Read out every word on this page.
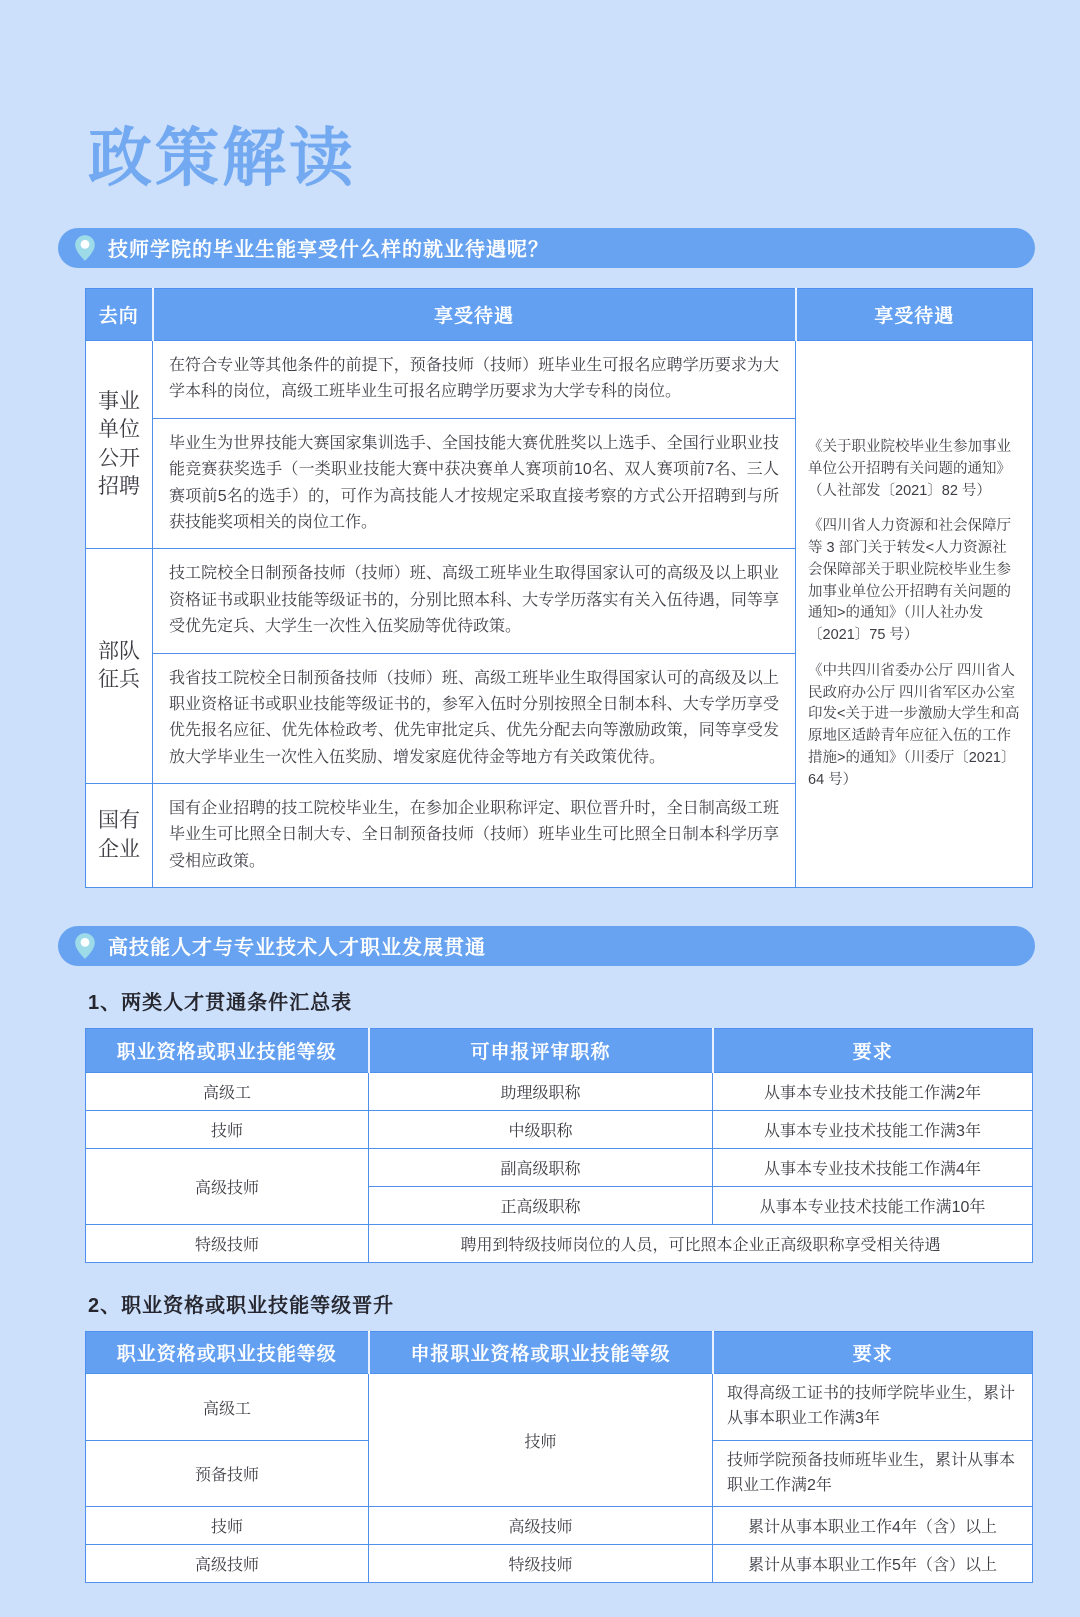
政策解读
技师学院的毕业生能享受什么样的就业待遇呢？
去向	享受待遇	享受待遇
事业单位公开招聘	在符合专业等其他条件的前提下，预备技师（技师）班毕业生可报名应聘学历要求为大学本科的岗位，高级工班毕业生可报名应聘学历要求为大学专科的岗位。	《关于职业院校毕业生参加事业单位公开招聘有关问题的通知》（人社部发〔2021〕82 号）

《四川省人力资源和社会保障厅等 3 部门关于转发<人力资源社会保障部关于职业院校毕业生参加事业单位公开招聘有关问题的通知>的通知》（川人社办发〔2021〕75 号）

《中共四川省委办公厅 四川省人民政府办公厅 四川省军区办公室印发<关于进一步激励大学生和高原地区适龄青年应征入伍的工作措施>的通知》（川委厅〔2021〕64 号）

	毕业生为世界技能大赛国家集训选手、全国技能大赛优胜奖以上选手、全国行业职业技能竞赛获奖选手（一类职业技能大赛中获决赛单人赛项前10名、双人赛项前7名、三人赛项前5名的选手）的，可作为高技能人才按规定采取直接考察的方式公开招聘到与所获技能奖项相关的岗位工作。	
部队征兵	技工院校全日制预备技师（技师）班、高级工班毕业生取得国家认可的高级及以上职业资格证书或职业技能等级证书的，分别比照本科、大专学历落实有关入伍待遇，同等享受优先定兵、大学生一次性入伍奖励等优待政策。	
	我省技工院校全日制预备技师（技师）班、高级工班毕业生取得国家认可的高级及以上职业资格证书或职业技能等级证书的，参军入伍时分别按照全日制本科、大专学历享受优先报名应征、优先体检政考、优先审批定兵、优先分配去向等激励政策，同等享受发放大学毕业生一次性入伍奖励、增发家庭优待金等地方有关政策优待。	
国有企业	国有企业招聘的技工院校毕业生，在参加企业职称评定、职位晋升时，全日制高级工班毕业生可比照全日制大专、全日制预备技师（技师）班毕业生可比照全日制本科学历享受相应政策。	
高技能人才与专业技术人才职业发展贯通
1、两类人才贯通条件汇总表
职业资格或职业技能等级	可申报评审职称	要求
高级工	助理级职称	从事本专业技术技能工作满2年
技师	中级职称	从事本专业技术技能工作满3年
高级技师	副高级职称	从事本专业技术技能工作满4年
	正高级职称	从事本专业技术技能工作满10年
特级技师	聘用到特级技师岗位的人员，可比照本企业正高级职称享受相关待遇	
2、职业资格或职业技能等级晋升
职业资格或职业技能等级	申报职业资格或职业技能等级	要求
高级工	技师	取得高级工证书的技师学院毕业生，累计从事本职业工作满3年
预备技师		技师学院预备技师班毕业生，累计从事本职业工作满2年
技师	高级技师	累计从事本职业工作4年（含）以上
高级技师	特级技师	累计从事本职业工作5年（含）以上
